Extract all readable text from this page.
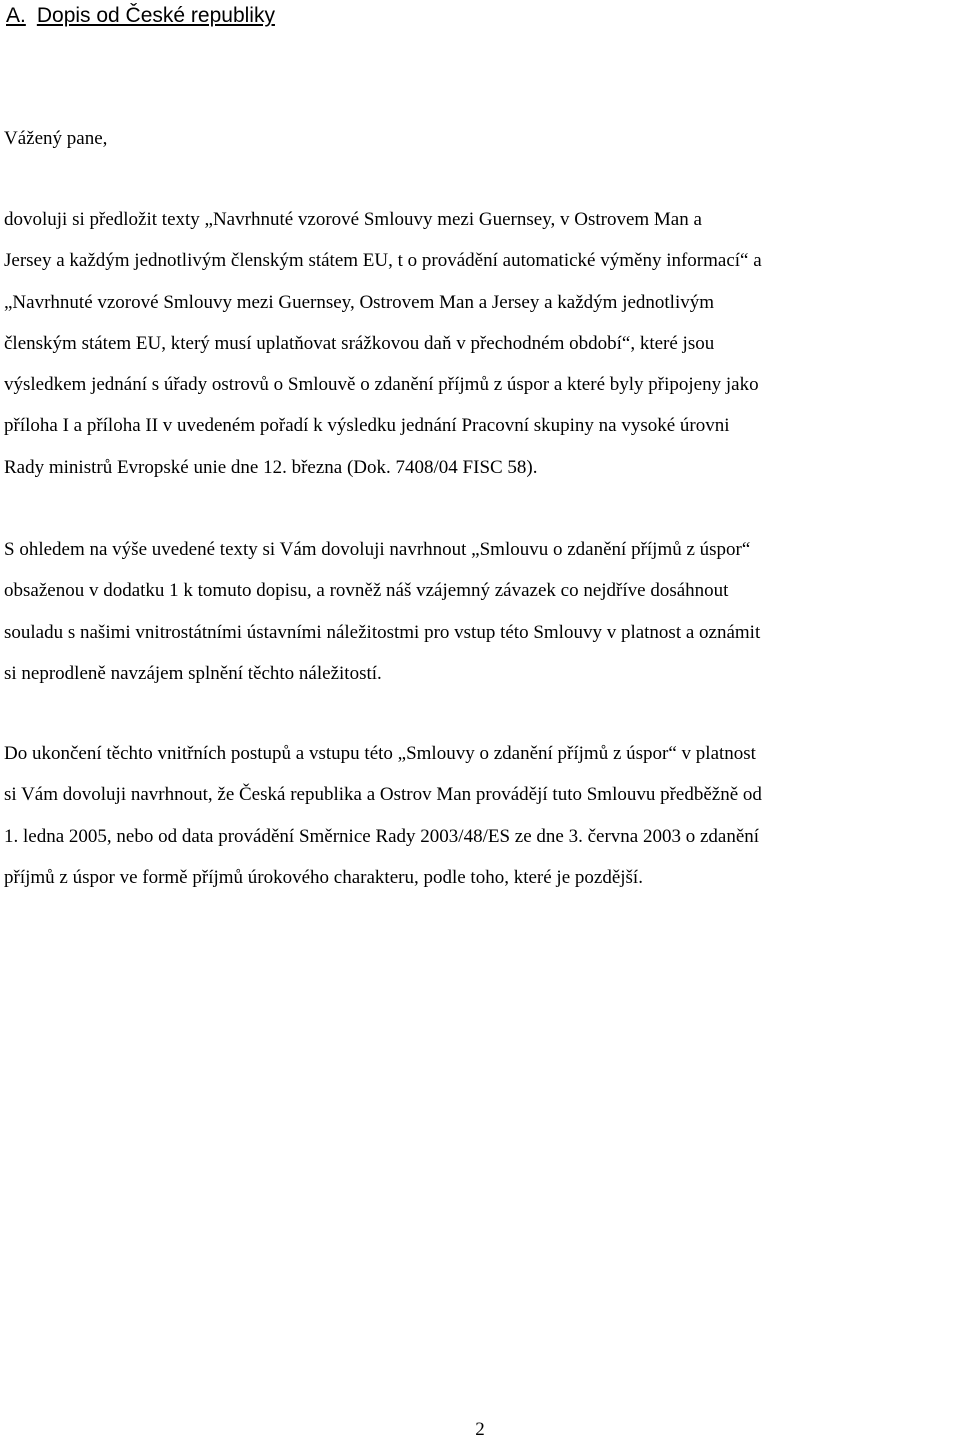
A. Dopis od České republiky
Vážený pane,
dovoluji si předložit texty „Navrhnuté vzorové Smlouvy mezi Guernsey, v Ostrovem Man a
Jersey a každým jednotlivým členským státem EU, t o provádění automatické výměny informací“ a
„Navrhnuté vzorové Smlouvy mezi Guernsey, Ostrovem Man a Jersey a každým jednotlivým
členským státem EU, který musí uplatňovat srážkovou daň v přechodném období“, které jsou
výsledkem jednání s úřady ostrovů o Smlouvě o zdanění příjmů z úspor a které byly připojeny jako
příloha I a příloha II v uvedeném pořadí k výsledku jednání Pracovní skupiny na vysoké úrovni
Rady ministrů Evropské unie dne 12. března (Dok. 7408/04 FISC 58).
S ohledem na výše uvedené texty si Vám dovoluji navrhnout „Smlouvu o zdanění příjmů z úspor“
obsaženou v dodatku 1 k tomuto dopisu, a rovněž náš vzájemný závazek co nejdříve dosáhnout
souladu s našimi vnitrostátními ústavními náležitostmi pro vstup této Smlouvy v platnost a oznámit
si neprodleně navzájem splnění těchto náležitostí.
Do ukončení těchto vnitřních postupů a vstupu této „Smlouvy o zdanění příjmů z úspor“ v platnost
si Vám dovoluji navrhnout, že Česká republika a Ostrov Man provádějí tuto Smlouvu předběžně od
1. ledna 2005, nebo od data provádění Směrnice Rady 2003/48/ES ze dne 3. června 2003 o zdanění
příjmů z úspor ve formě příjmů úrokového charakteru, podle toho, které je pozdější.
2
